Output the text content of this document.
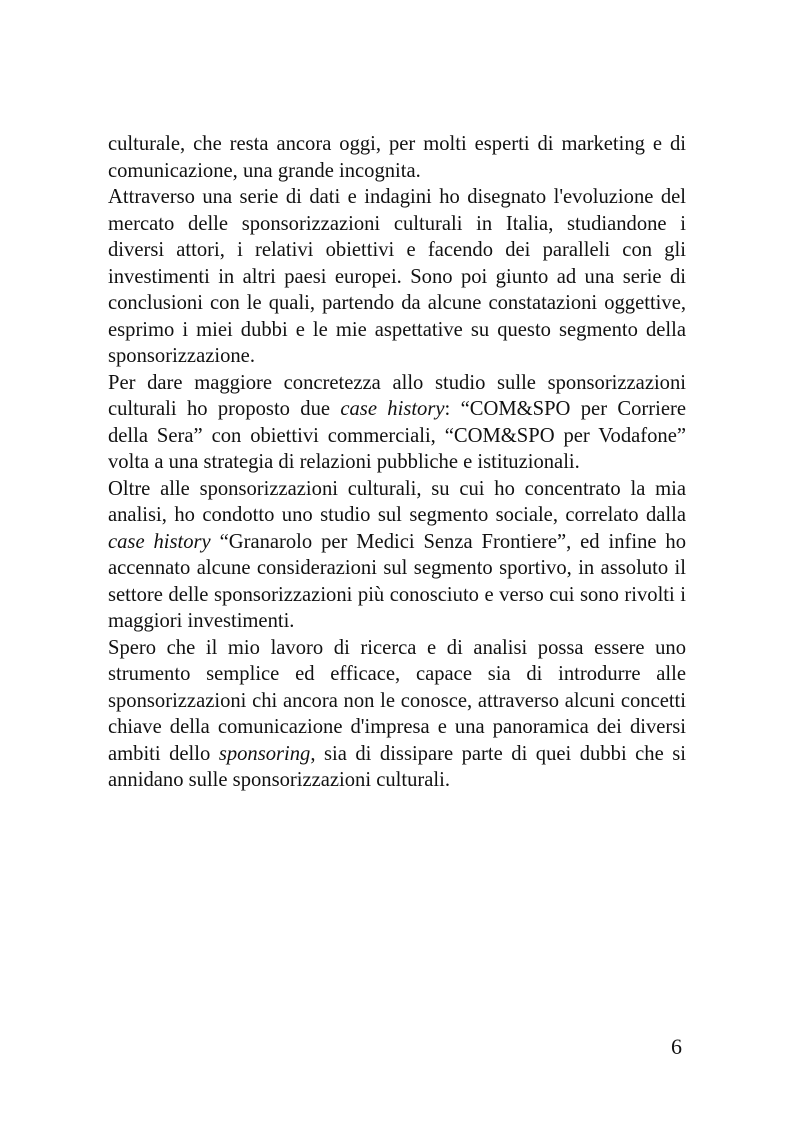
culturale, che resta ancora oggi, per molti esperti di marketing e di comunicazione, una grande incognita.

Attraverso una serie di dati e indagini ho disegnato l'evoluzione del mercato delle sponsorizzazioni culturali in Italia, studiandone i diversi attori, i relativi obiettivi e facendo dei paralleli con gli investimenti in altri paesi europei. Sono poi giunto ad una serie di conclusioni con le quali, partendo da alcune constatazioni oggettive, esprimo i miei dubbi e le mie aspettative su questo segmento della sponsorizzazione.

Per dare maggiore concretezza allo studio sulle sponsorizzazioni culturali ho proposto due case history: “COM&SPO per Corriere della Sera” con obiettivi commerciali, “COM&SPO per Vodafone” volta a una strategia di relazioni pubbliche e istituzionali.

Oltre alle sponsorizzazioni culturali, su cui ho concentrato la mia analisi, ho condotto uno studio sul segmento sociale, correlato dalla case history “Granarolo per Medici Senza Frontiere”, ed infine ho accennato alcune considerazioni sul segmento sportivo, in assoluto il settore delle sponsorizzazioni più conosciuto e verso cui sono rivolti i maggiori investimenti.

Spero che il mio lavoro di ricerca e di analisi possa essere uno strumento semplice ed efficace, capace sia di introdurre alle sponsorizzazioni chi ancora non le conosce, attraverso alcuni concetti chiave della comunicazione d'impresa e una panoramica dei diversi ambiti dello sponsoring, sia di dissipare parte di quei dubbi che si annidano sulle sponsorizzazioni culturali.

6
